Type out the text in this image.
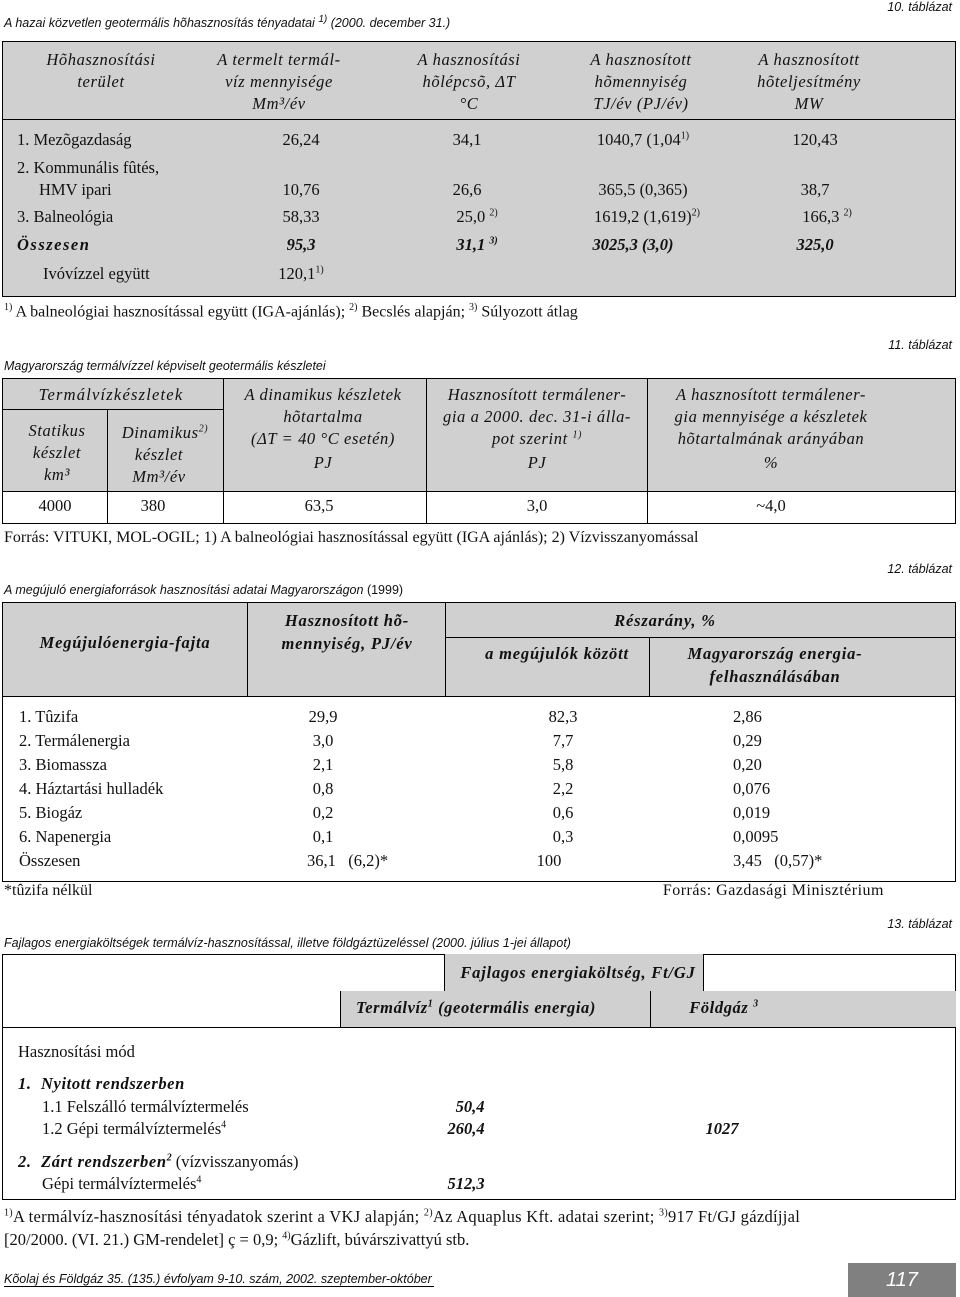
A hazai közvetlen geotermális hõhasznosítás tényadatai $^{1)}$ (2000. december 31.)
10. táblázat
Hõhasznosítási
terület
A termelt termál-
víz mennyisége
Mm³/év
A hasznosítási
hõlépcsõ, ΔT
°C
A hasznosított
hõmennyiség
TJ/év (PJ/év)
A hasznosított
hõteljesítmény
MW
1. Mezõgazdaság	26,24	34,1	1040,7 (1,04$^{1)}$	120,43
2. Kommunális fûtés,
HMV ipari	10,76	26,6	365,5 (0,365)	38,7
3. Balneológia	58,33	25,0 $^{2)}$	1619,2 $(1,619)^{2)}$	166,3 $^{2)}$
Összesen	95,3	31,1 $^{3)}$	3025,3 (3,0)	325,0
Ivóvízzel együtt	120,1$^{1)}$
$^{1)}$ A balneológiai hasznosítással együtt (IGA-ajánlás); $^{2)}$ Becslés alapján; $^{3)}$ Súlyozott átlag
11. táblázat
Magyarország termálvízzel képviselt geotermális készletei
Termálvízkészletek
Statikus
készlet
km³
Dinamikus$^{2)}$
készlet
Mm³/év
A dinamikus készletek
hõtartalma
(ΔT = 40 °C esetén)
PJ
Hasznosított termálener-
gia a 2000. dec. 31-i álla-
pot szerint $^{1)}$
PJ
A hasznosított termálener-
gia mennyisége a készletek
hõtartalmának arányában
%
4000	380	63,5	3,0	~4,0
Forrás: VITUKI, MOL-OGIL; 1) A balneológiai hasznosítással együtt (IGA ajánlás); 2) Vízvisszanyomással
12. táblázat
A megújuló energiaforrások hasznosítási adatai Magyarországon (1999)
Megújulóenergia-fajta
Hasznosított hõ-
mennyiség, PJ/év
Részarány, %
a megújulók között	Magyarország energia-
felhasználásában
1. Tûzifa	29,9	82,3	2,86
2. Termálenergia	3,0	7,7	0,29
3. Biomassza	2,1	5,8	0,20
4. Háztartási hulladék	0,8	2,2	0,076
5. Biogáz	0,2	0,6	0,019
6. Napenergia	0,1	0,3	0,0095
Összesen	36,1   (6,2)*	100	3,45   (0,57)*
*tûzifa nélkül	Forrás: Gazdasági Minisztérium
13. táblázat
Fajlagos energiaköltségek termálvíz-hasznosítással, illetve földgáztüzeléssel (2000. július 1-jei állapot)
Fajlagos energiaköltség, Ft/GJ
Termálvíz$^1$ (geotermális energia)	Földgáz $^3$
Hasznosítási mód
1.  Nyitott rendszerben
1.1 Felszálló termálvíztermelés	50,4
1.2 Gépi termálvíztermelés$^4$	260,4	1027
2.  Zárt rendszerben$^2$ (vízvisszanyomás)
Gépi termálvíztermelés$^4$	512,3
$^{1)}$A termálvíz-hasznosítási tényadatok szerint a VKJ alapján; $^{2)}$Az Aquaplus Kft. adatai szerint; $^{3)}$917 Ft/GJ gázdíjjal
[20/2000. (VI. 21.) GM-rendelet] ç = 0,9; $^{4)}$Gázlift, búvárszivattyú stb.
Kõolaj és Földgáz 35. (135.) évfolyam 9-10. szám, 2002. szeptember-október	117
